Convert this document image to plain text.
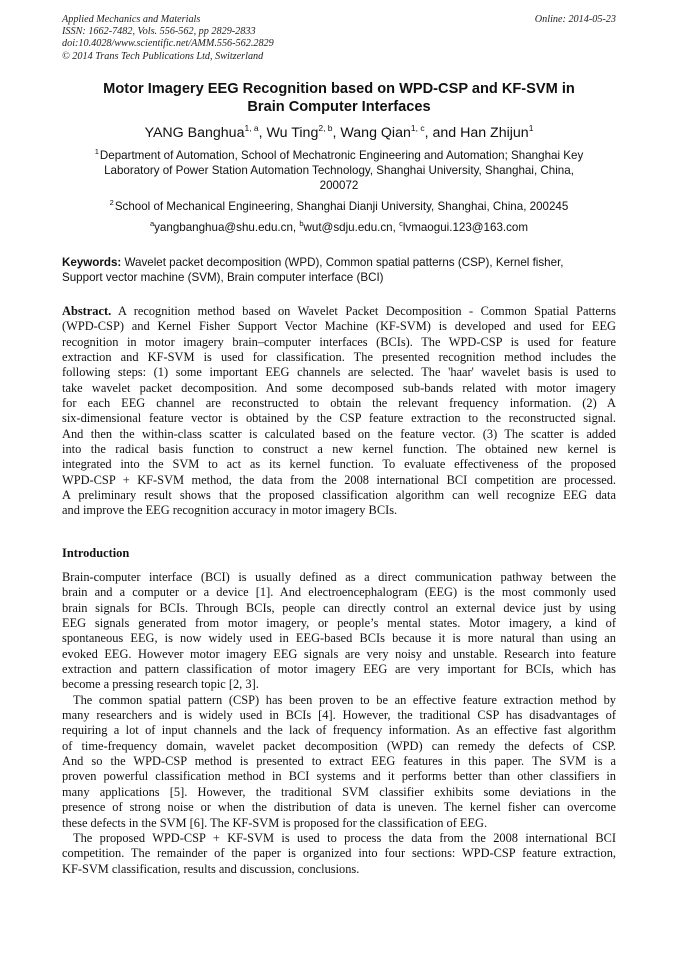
Applied Mechanics and Materials
ISSN: 1662-7482, Vols. 556-562, pp 2829-2833
doi:10.4028/www.scientific.net/AMM.556-562.2829
© 2014 Trans Tech Publications Ltd, Switzerland
Online: 2014-05-23
Motor Imagery EEG Recognition based on WPD-CSP and KF-SVM in
Brain Computer Interfaces
YANG Banghua$^{1, a}$, Wu Ting$^{2, b}$, Wang Qian$^{1, c}$, and Han Zhijun$^1$
$^1$ Department of Automation, School of Mechatronic Engineering and Automation; Shanghai Key
Laboratory of Power Station Automation Technology, Shanghai University, Shanghai, China,
200072
$^2$ School of Mechanical Engineering, Shanghai Dianji University, Shanghai, China, 200245
$^a$yangbanghua@shu.edu.cn, $^b$wut@sdju.edu.cn, $^c$lvmaogui.123@163.com
Keywords: Wavelet packet decomposition (WPD), Common spatial patterns (CSP), Kernel fisher,
Support vector machine (SVM), Brain computer interface (BCI)
Abstract. A recognition method based on Wavelet Packet Decomposition - Common Spatial Patterns
(WPD-CSP) and Kernel Fisher Support Vector Machine (KF-SVM) is developed and used for EEG
recognition in motor imagery brain–computer interfaces (BCIs). The WPD-CSP is used for feature
extraction and KF-SVM is used for classification. The presented recognition method includes the
following steps: (1) some important EEG channels are selected. The 'haar' wavelet basis is used to
take wavelet packet decomposition. And some decomposed sub-bands related with motor imagery
for each EEG channel are reconstructed to obtain the relevant frequency information. (2) A
six-dimensional feature vector is obtained by the CSP feature extraction to the reconstructed signal.
And then the within-class scatter is calculated based on the feature vector. (3) The scatter is added
into the radical basis function to construct a new kernel function. The obtained new kernel is
integrated into the SVM to act as its kernel function. To evaluate effectiveness of the proposed
WPD-CSP + KF-SVM method, the data from the 2008 international BCI competition are processed.
A preliminary result shows that the proposed classification algorithm can well recognize EEG data
and improve the EEG recognition accuracy in motor imagery BCIs.
Introduction
Brain-computer interface (BCI) is usually defined as a direct communication pathway between the
brain and a computer or a device [1]. And electroencephalogram (EEG) is the most commonly used
brain signals for BCIs. Through BCIs, people can directly control an external device just by using
EEG signals generated from motor imagery, or people’s mental states. Motor imagery, a kind of
spontaneous EEG, is now widely used in EEG-based BCIs because it is more natural than using an
evoked EEG. However motor imagery EEG signals are very noisy and unstable. Research into feature
extraction and pattern classification of motor imagery EEG are very important for BCIs, which has
become a pressing research topic [2, 3].
The common spatial pattern (CSP) has been proven to be an effective feature extraction method by
many researchers and is widely used in BCIs [4]. However, the traditional CSP has disadvantages of
requiring a lot of input channels and the lack of frequency information. As an effective fast algorithm
of time-frequency domain, wavelet packet decomposition (WPD) can remedy the defects of CSP.
And so the WPD-CSP method is presented to extract EEG features in this paper. The SVM is a
proven powerful classification method in BCI systems and it performs better than other classifiers in
many applications [5]. However, the traditional SVM classifier exhibits some deviations in the
presence of strong noise or when the distribution of data is uneven. The kernel fisher can overcome
these defects in the SVM [6]. The KF-SVM is proposed for the classification of EEG.
The proposed WPD-CSP + KF-SVM is used to process the data from the 2008 international BCI
competition. The remainder of the paper is organized into four sections: WPD-CSP feature extraction,
KF-SVM classification, results and discussion, conclusions.
